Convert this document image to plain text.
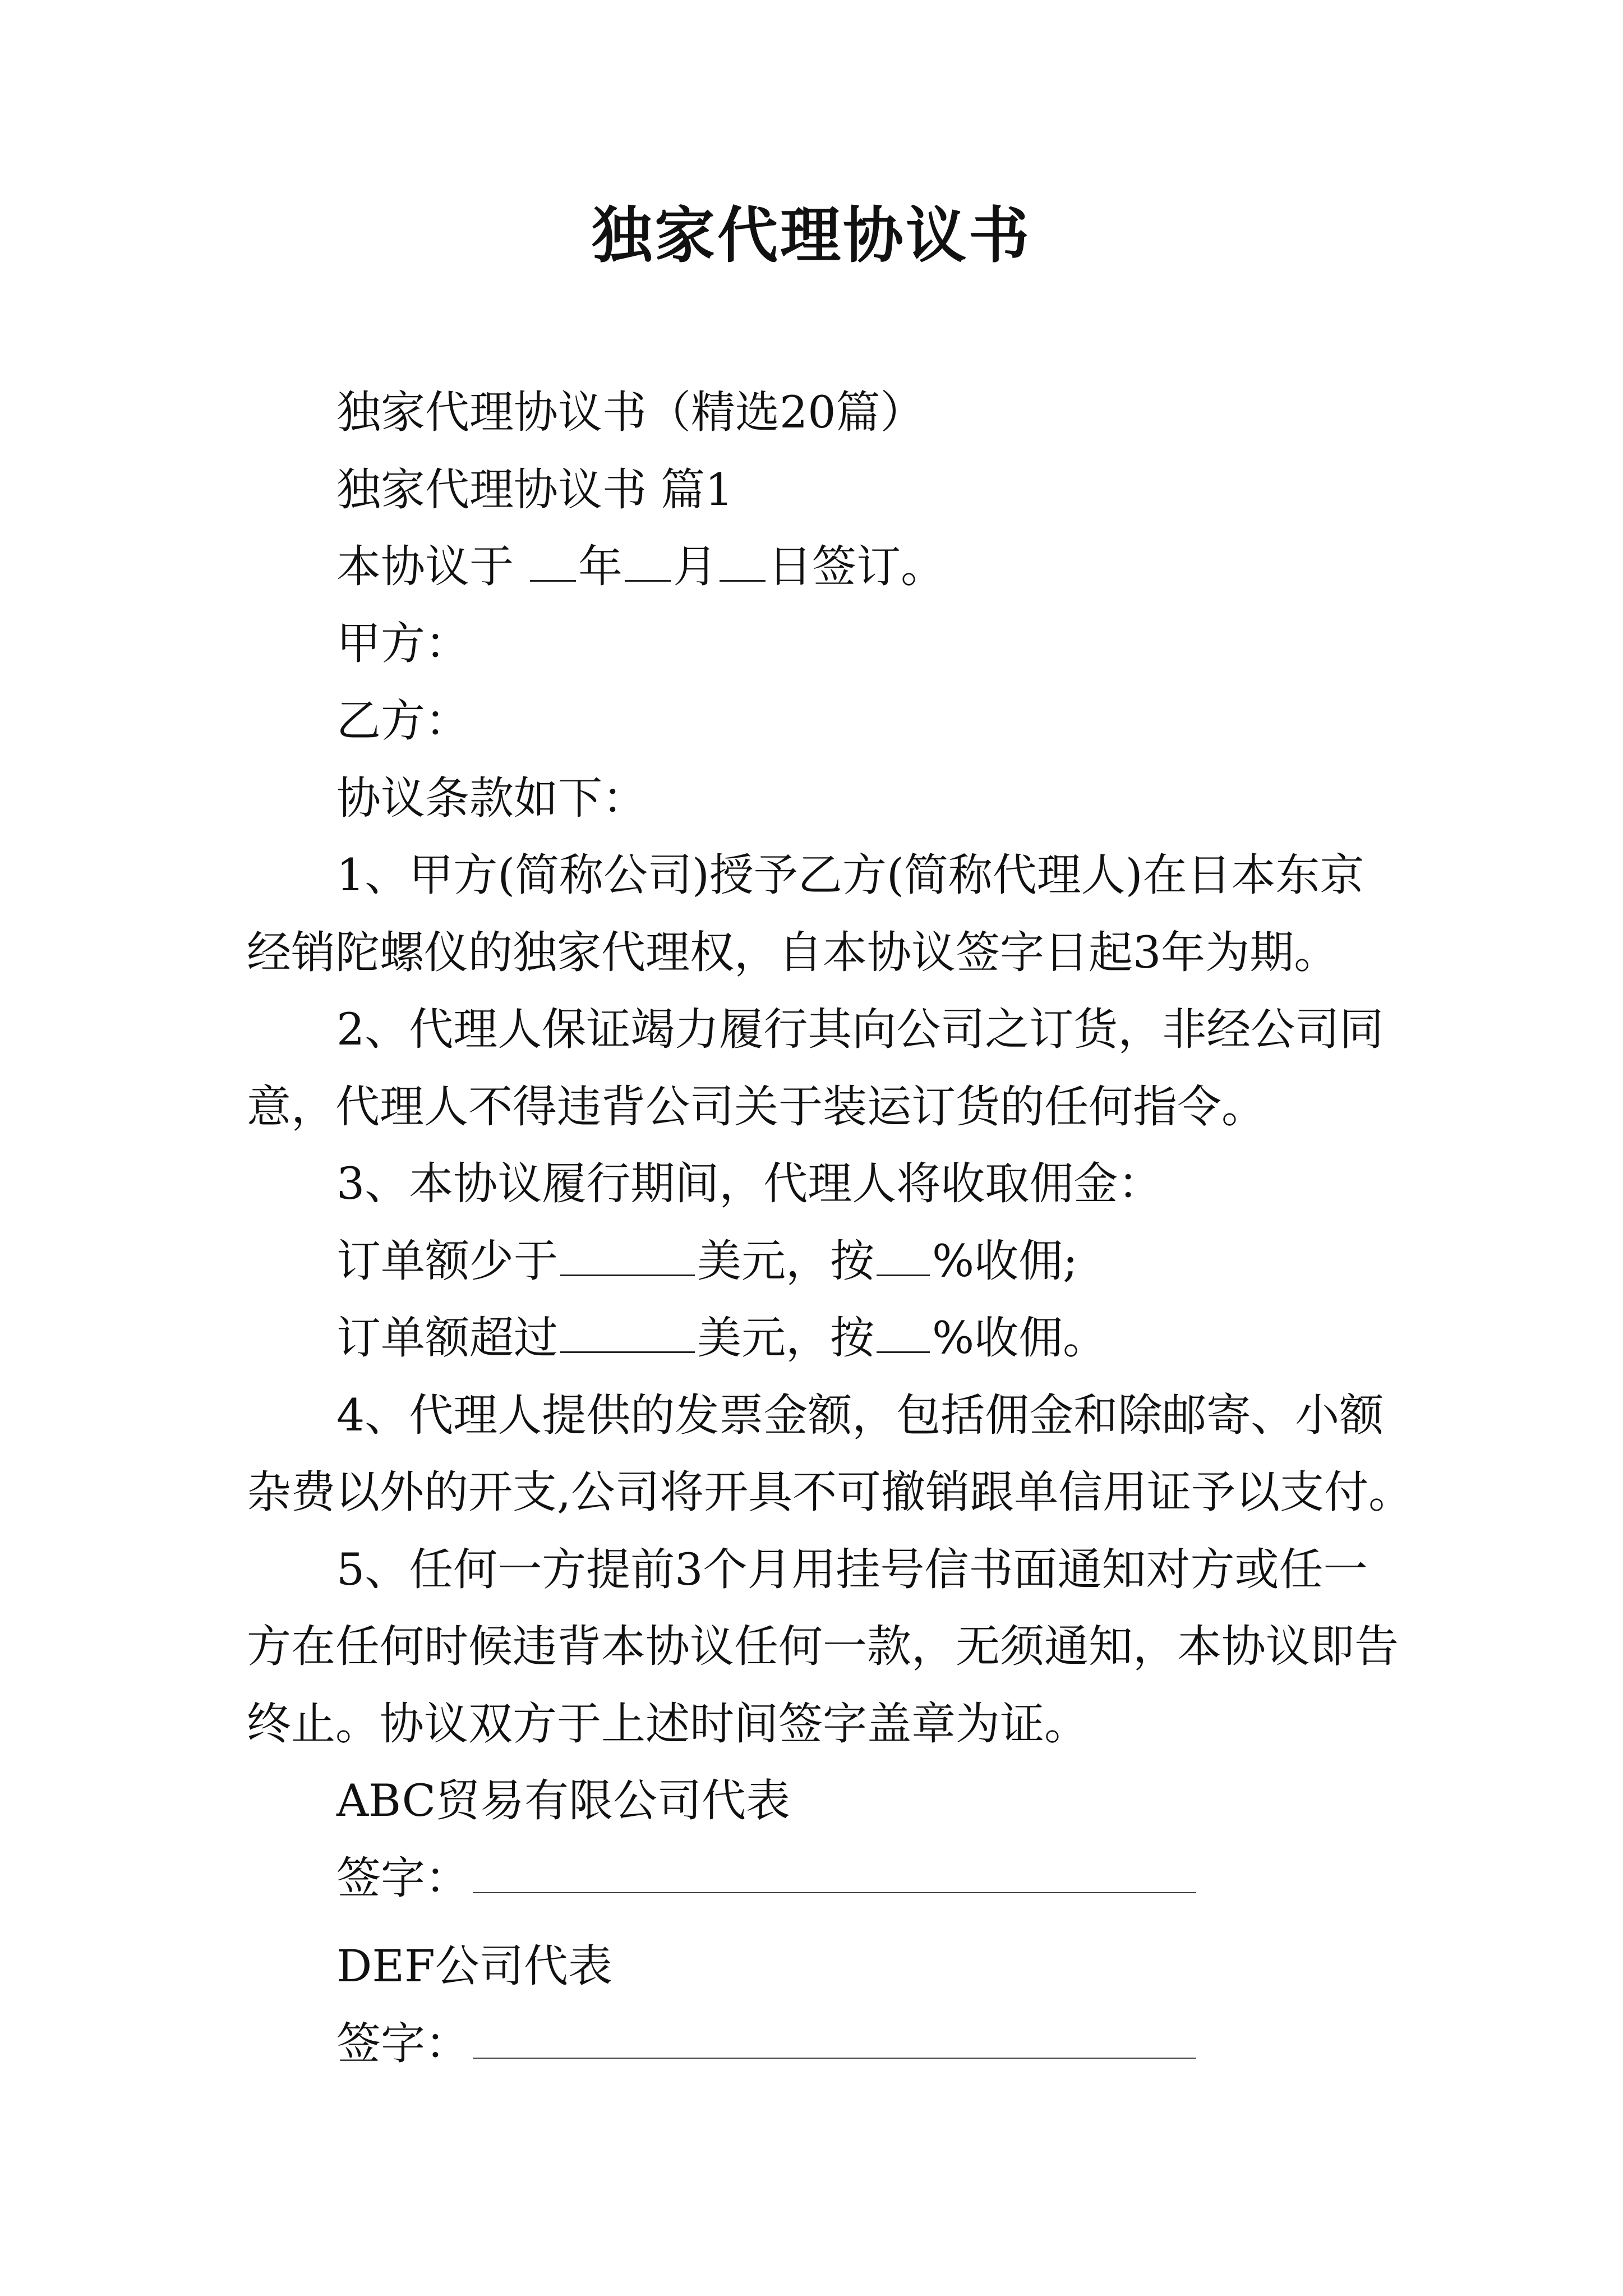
独家代理协议书
独家代理协议书（精选20篇）
独家代理协议书 篇1
本协议于 年 月 日签订。
甲方：
乙方：
协议条款如下：
1、甲方(简称公司)授予乙方(简称代理人)在日本东京
经销陀螺仪的独家代理权，自本协议签字日起3年为期。
2、代理人保证竭力履行其向公司之订货，非经公司同
意，代理人不得违背公司关于装运订货的任何指令。
3、本协议履行期间，代理人将收取佣金：
订单额少于	美元，按 %收佣;
订单额超过	美元，按 %收佣。
4、代理人提供的发票金额，包括佣金和除邮寄、小额
杂费以外的开支,公司将开具不可撤销跟单信用证予以支付。
5、任何一方提前3个月用挂号信书面通知对方或任一
方在任何时候违背本协议任何一款，无须通知，本协议即告
终止。协议双方于上述时间签字盖章为证。
ABC贸易有限公司代表
签字：
DEF公司代表
签字：
